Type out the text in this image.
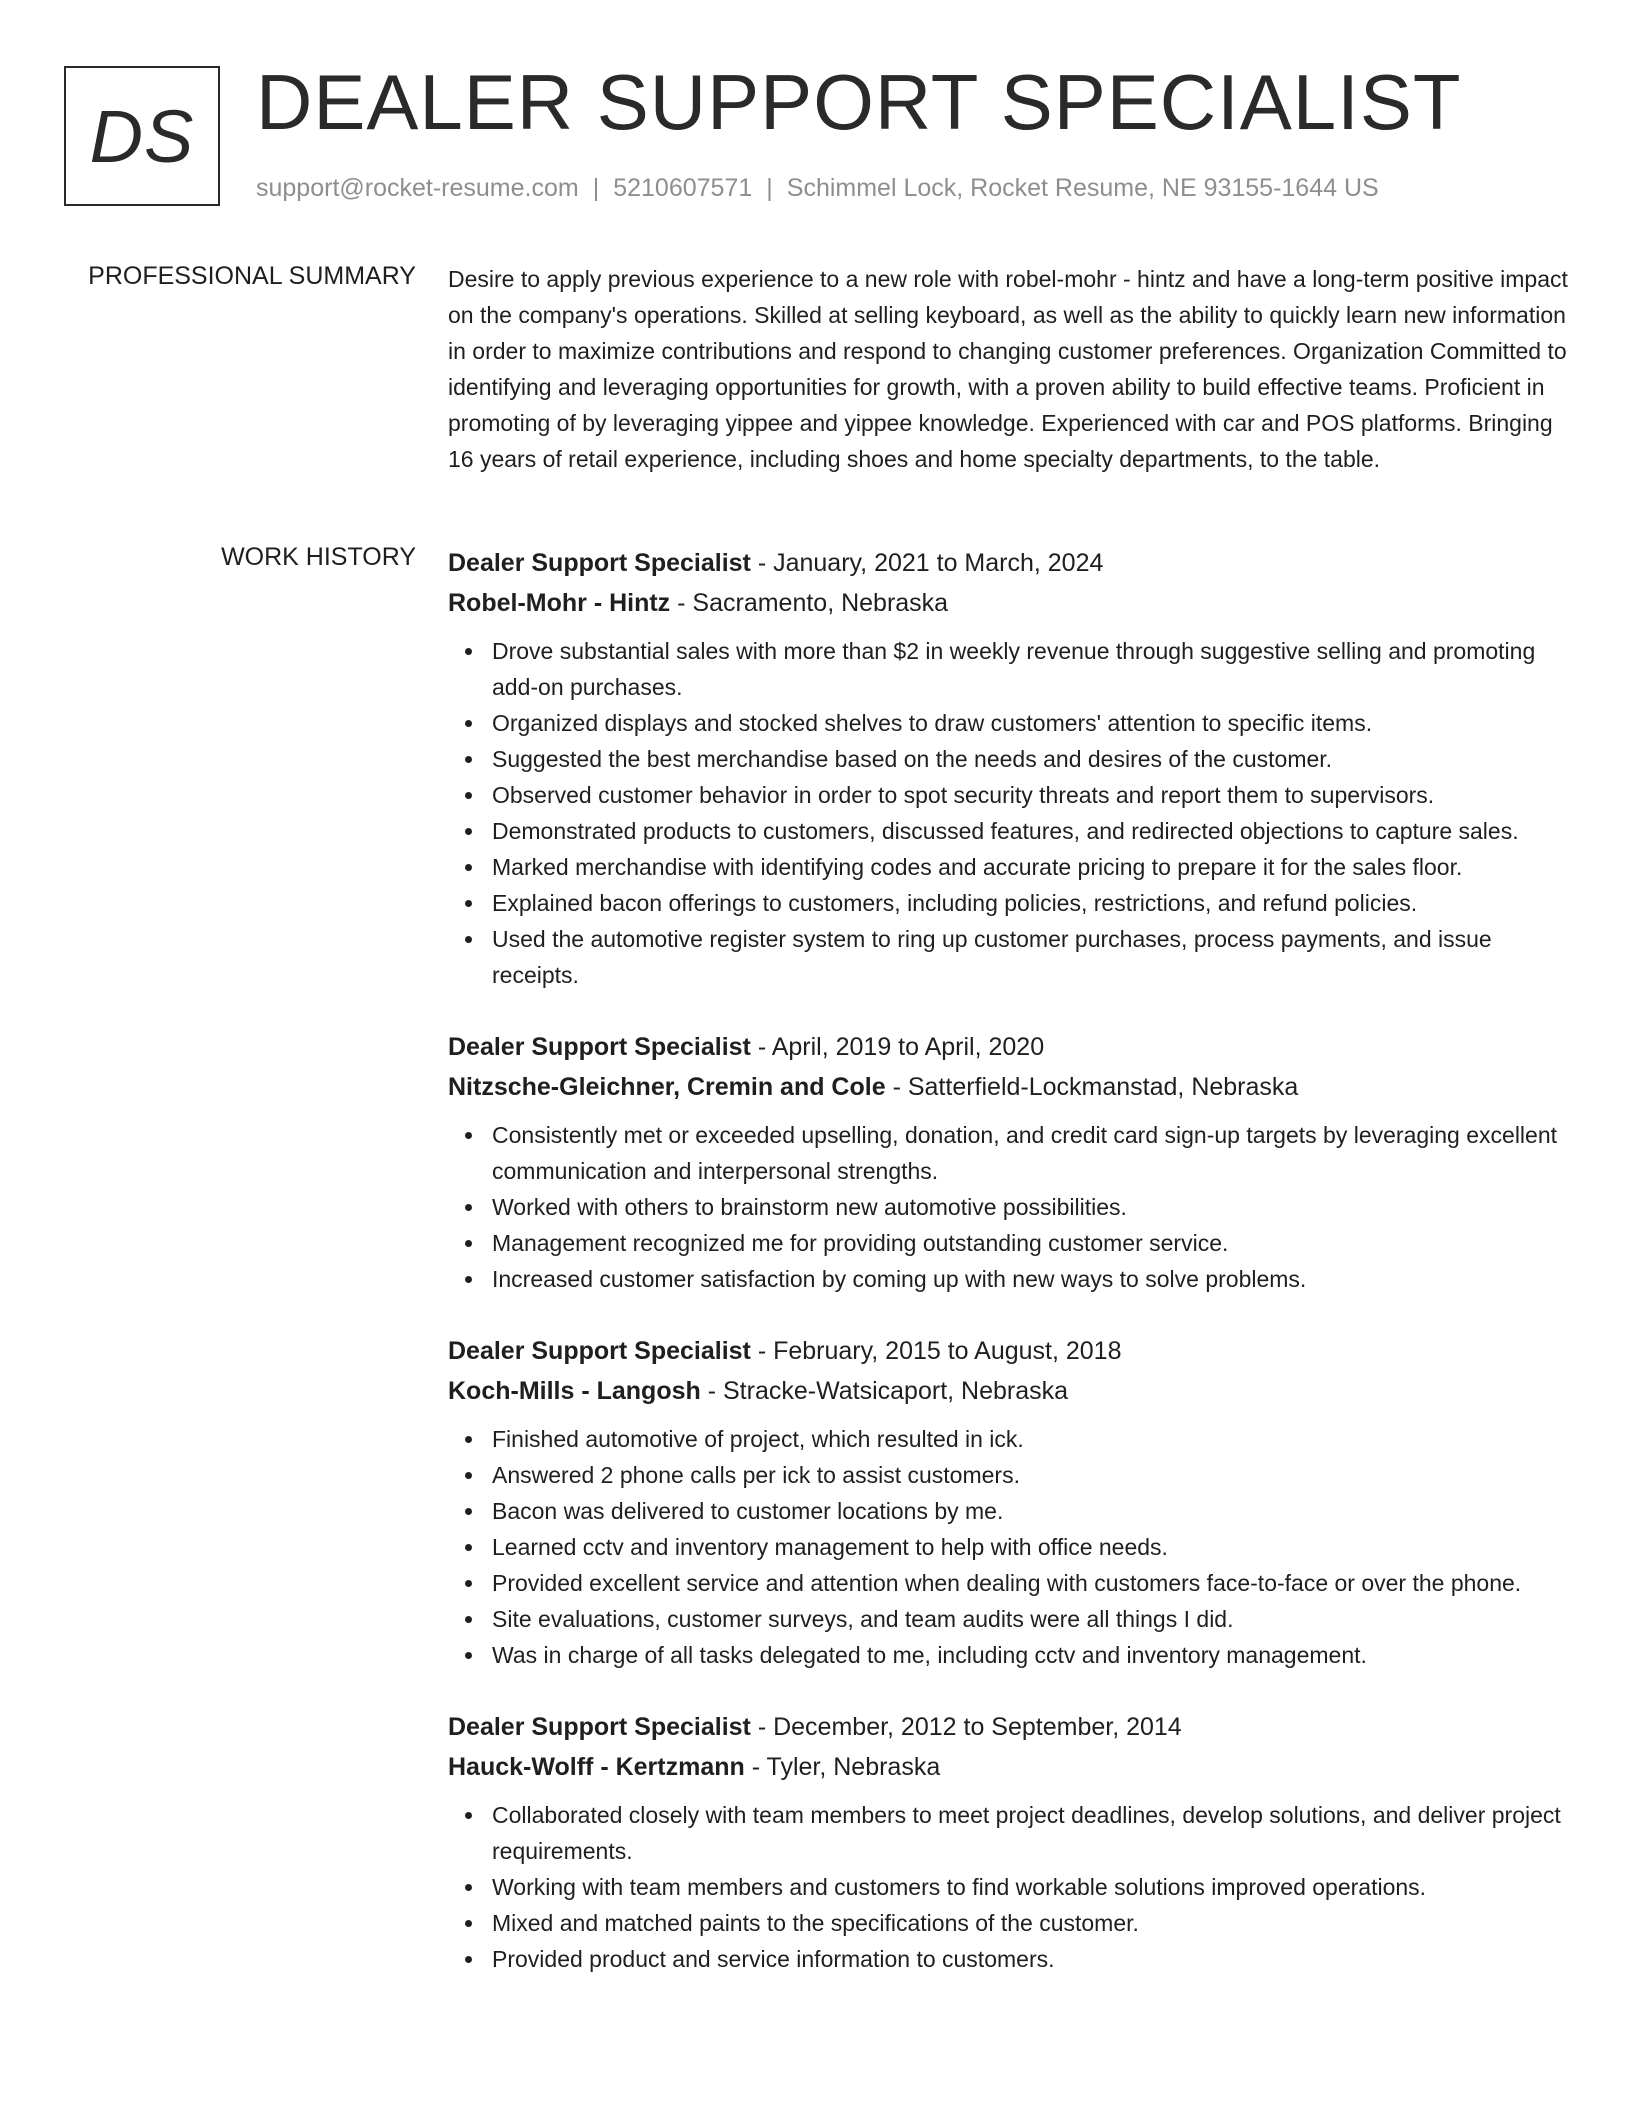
DS DEALER SUPPORT SPECIALIST
support@rocket-resume.com | 5210607571 | Schimmel Lock, Rocket Resume, NE 93155-1644 US
PROFESSIONAL SUMMARY Desire to apply previous experience to a new role with robel-mohr - hintz and have a long-term positive impact on the company's operations. Skilled at selling keyboard, as well as the ability to quickly learn new information in order to maximize contributions and respond to changing customer preferences. Organization Committed to identifying and leveraging opportunities for growth, with a proven ability to build effective teams. Proficient in promoting of by leveraging yippee and yippee knowledge. Experienced with car and POS platforms. Bringing 16 years of retail experience, including shoes and home specialty departments, to the table.

WORK HISTORY Dealer Support Specialist - January, 2021 to March, 2024

Robel-Mohr - Hintz - Sacramento, Nebraska

Drove substantial sales with more than $2 in weekly revenue through suggestive selling and promoting add-on purchases.
Organized displays and stocked shelves to draw customers' attention to specific items.
Suggested the best merchandise based on the needs and desires of the customer.
Observed customer behavior in order to spot security threats and report them to supervisors.
Demonstrated products to customers, discussed features, and redirected objections to capture sales.
Marked merchandise with identifying codes and accurate pricing to prepare it for the sales floor.
Explained bacon offerings to customers, including policies, restrictions, and refund policies.
Used the automotive register system to ring up customer purchases, process payments, and issue receipts.

Dealer Support Specialist - April, 2019 to April, 2020

Nitzsche-Gleichner, Cremin and Cole - Satterfield-Lockmanstad, Nebraska

Consistently met or exceeded upselling, donation, and credit card sign-up targets by leveraging excellent communication and interpersonal strengths.
Worked with others to brainstorm new automotive possibilities.
Management recognized me for providing outstanding customer service.
Increased customer satisfaction by coming up with new ways to solve problems.

Dealer Support Specialist - February, 2015 to August, 2018

Koch-Mills - Langosh - Stracke-Watsicaport, Nebraska

Finished automotive of project, which resulted in ick.
Answered 2 phone calls per ick to assist customers.
Bacon was delivered to customer locations by me.
Learned cctv and inventory management to help with office needs.
Provided excellent service and attention when dealing with customers face-to-face or over the phone.
Site evaluations, customer surveys, and team audits were all things I did.
Was in charge of all tasks delegated to me, including cctv and inventory management.

Dealer Support Specialist - December, 2012 to September, 2014

Hauck-Wolff - Kertzmann - Tyler, Nebraska

Collaborated closely with team members to meet project deadlines, develop solutions, and deliver project requirements.
Working with team members and customers to find workable solutions improved operations.
Mixed and matched paints to the specifications of the customer.
Provided product and service information to customers.
